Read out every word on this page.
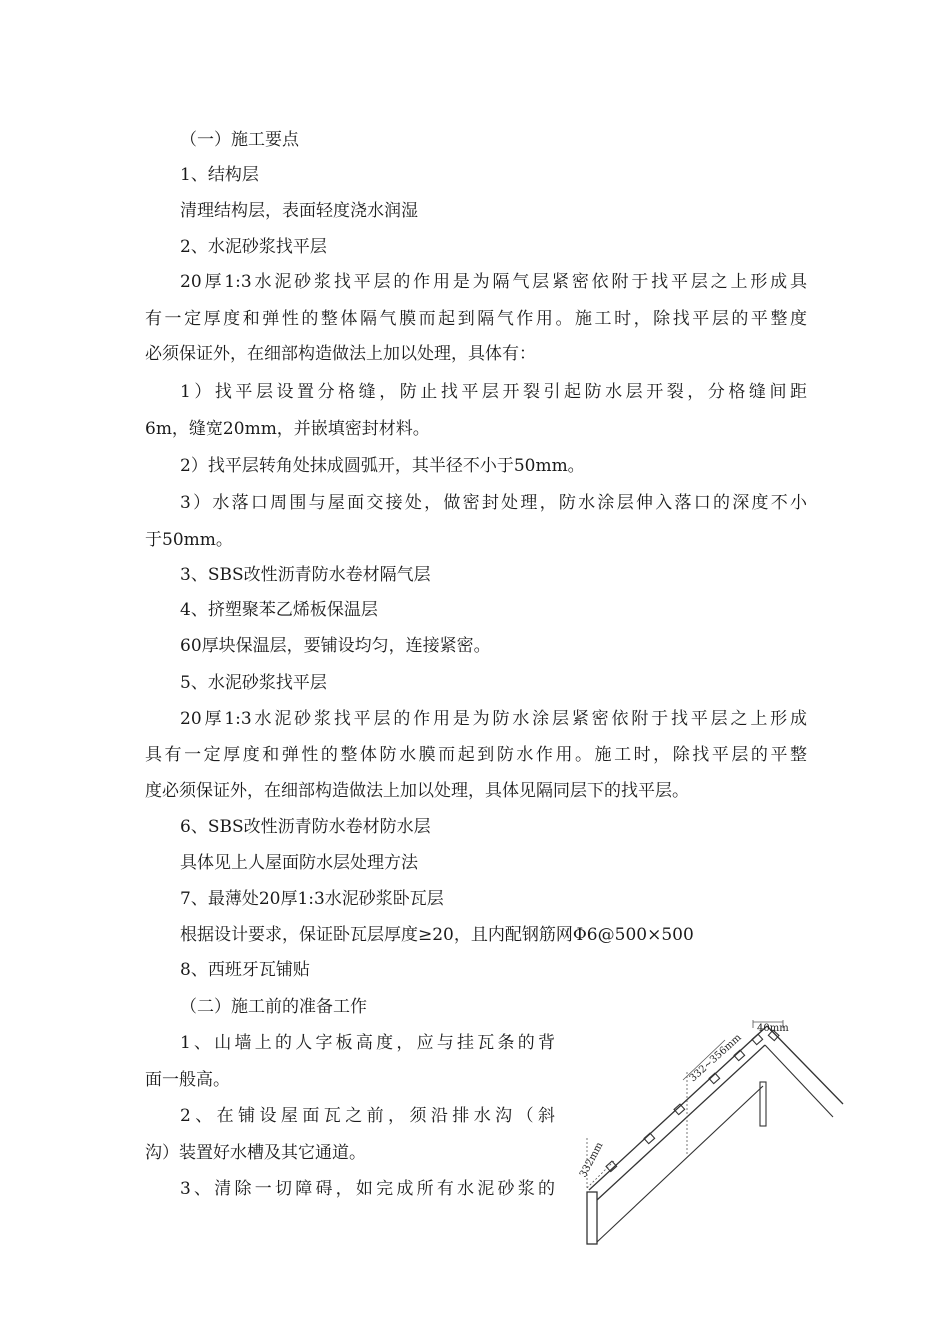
（一）施工要点
1、结构层
清理结构层，表面轻度浇水润湿
2、水泥砂浆找平层
20厚1:3水泥砂浆找平层的作用是为隔气层紧密依附于找平层之上形成具
有一定厚度和弹性的整体隔气膜而起到隔气作用。施工时，除找平层的平整度
必须保证外，在细部构造做法上加以处理，具体有：
1）找平层设置分格缝，防止找平层开裂引起防水层开裂，分格缝间距
6m，缝宽20mm，并嵌填密封材料。
2）找平层转角处抹成圆弧开，其半径不小于50mm。
3）水落口周围与屋面交接处，做密封处理，防水涂层伸入落口的深度不小
于50mm。
3、SBS改性沥青防水卷材隔气层
4、挤塑聚苯乙烯板保温层
60厚块保温层，要铺设均匀，连接紧密。
5、水泥砂浆找平层
20厚1:3水泥砂浆找平层的作用是为防水涂层紧密依附于找平层之上形成
具有一定厚度和弹性的整体防水膜而起到防水作用。施工时，除找平层的平整
度必须保证外，在细部构造做法上加以处理，具体见隔同层下的找平层。
6、SBS改性沥青防水卷材防水层
具体见上人屋面防水层处理方法
7、最薄处20厚1:3水泥砂浆卧瓦层
根据设计要求，保证卧瓦层厚度≥20，且内配钢筋网Φ6@500×500
8、西班牙瓦铺贴
（二）施工前的准备工作
1、山墙上的人字板高度，应与挂瓦条的背
面一般高。
2、在铺设屋面瓦之前，须沿排水沟（斜
沟）装置好水槽及其它通道。
3、清除一切障碍，如完成所有水泥砂浆的
40mm
332~356mm
332mm
